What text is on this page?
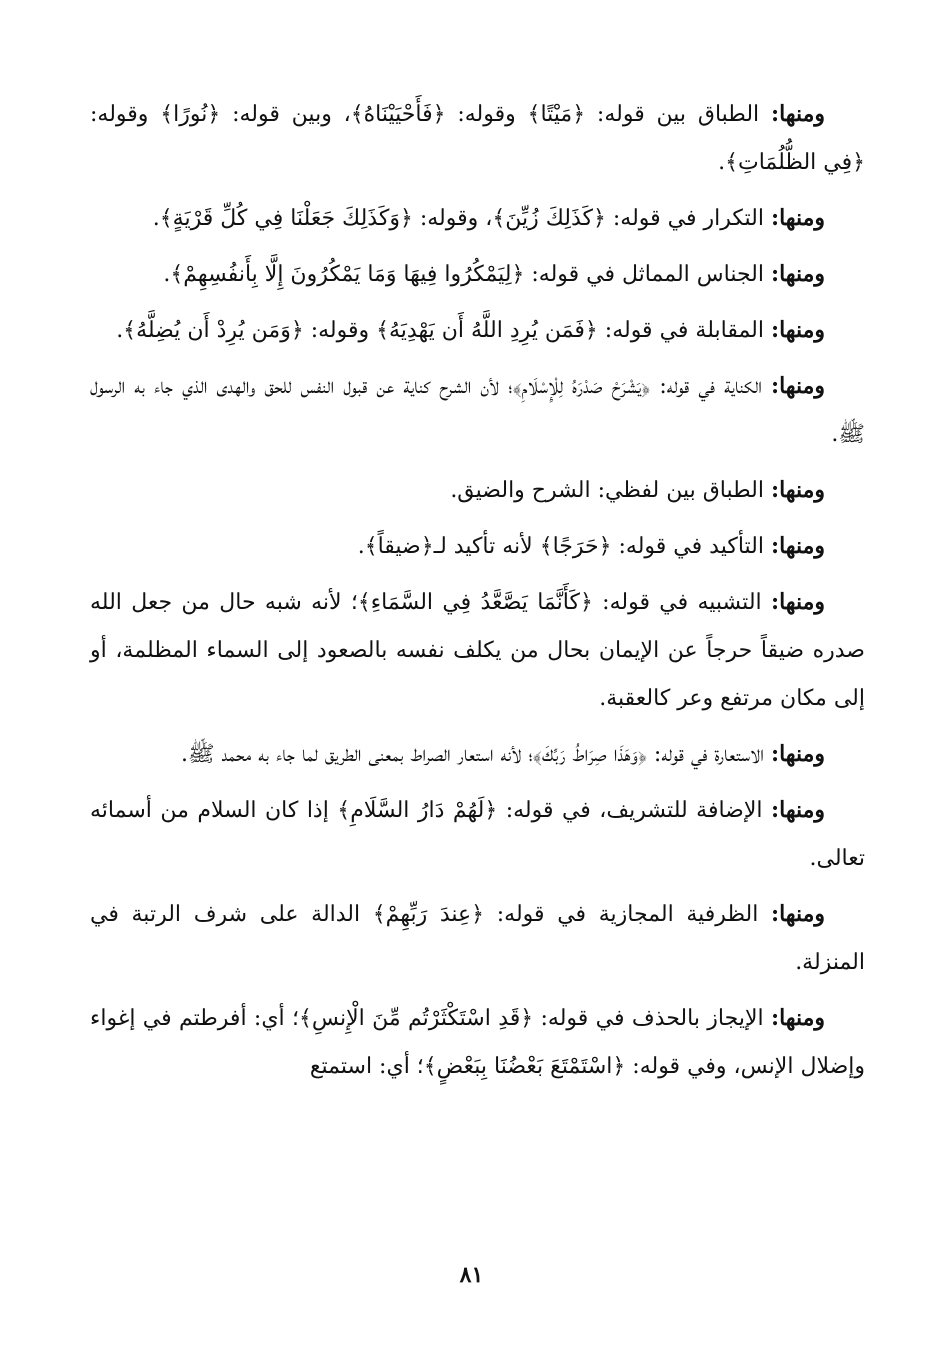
ومنها: الطباق بين قوله: ﴿مَيْتًا﴾ وقوله: ﴿فَأَحْيَيْنَاهُ﴾، وبين قوله: ﴿نُورًا﴾ وقوله: ﴿فِي الظُّلُمَاتِ﴾.

ومنها: التكرار في قوله: ﴿كَذَلِكَ زُيِّنَ﴾، وقوله: ﴿وَكَذَلِكَ جَعَلْنَا فِي كُلِّ قَرْيَةٍ﴾.

ومنها: الجناس المماثل في قوله: ﴿لِيَمْكُرُوا فِيهَا وَمَا يَمْكُرُونَ إِلَّا بِأَنفُسِهِمْ﴾.

ومنها: المقابلة في قوله: ﴿فَمَن يُرِدِ اللَّهُ أَن يَهْدِيَهُ﴾ وقوله: ﴿وَمَن يُرِدْ أَن يُضِلَّهُ﴾.

ومنها: الكناية في قوله: ﴿يَشْرَحْ صَدْرَهُ لِلْإِسْلَامِ﴾؛ لأن الشرح كناية عن قبول النفس للحق والهدى الذي جاء به الرسول ﷺ.

ومنها: الطباق بين لفظي: الشرح والضيق.

ومنها: التأكيد في قوله: ﴿حَرَجًا﴾ لأنه تأكيد لـ﴿ضيقاً﴾.

ومنها: التشبيه في قوله: ﴿كَأَنَّمَا يَصَّعَّدُ فِي السَّمَاءِ﴾؛ لأنه شبه حال من جعل الله صدره ضيقاً حرجاً عن الإيمان بحال من يكلف نفسه بالصعود إلى السماء المظلمة، أو إلى مكان مرتفع وعر كالعقبة.

ومنها: الاستعارة في قوله: ﴿وَهَذَا صِرَاطُ رَبِّكَ﴾؛ لأنه استعار الصراط بمعنى الطريق لما جاء به محمد ﷺ.

ومنها: الإضافة للتشريف، في قوله: ﴿لَهُمْ دَارُ السَّلَامِ﴾ إذا كان السلام من أسمائه تعالى.

ومنها: الظرفية المجازية في قوله: ﴿عِندَ رَبِّهِمْ﴾ الدالة على شرف الرتبة في المنزلة.

ومنها: الإيجاز بالحذف في قوله: ﴿قَدِ اسْتَكْثَرْتُم مِّنَ الْإِنسِ﴾؛ أي: أفرطتم في إغواء وإضلال الإنس، وفي قوله: ﴿اسْتَمْتَعَ بَعْضُنَا بِبَعْضٍ﴾؛ أي: استمتع

٨١
